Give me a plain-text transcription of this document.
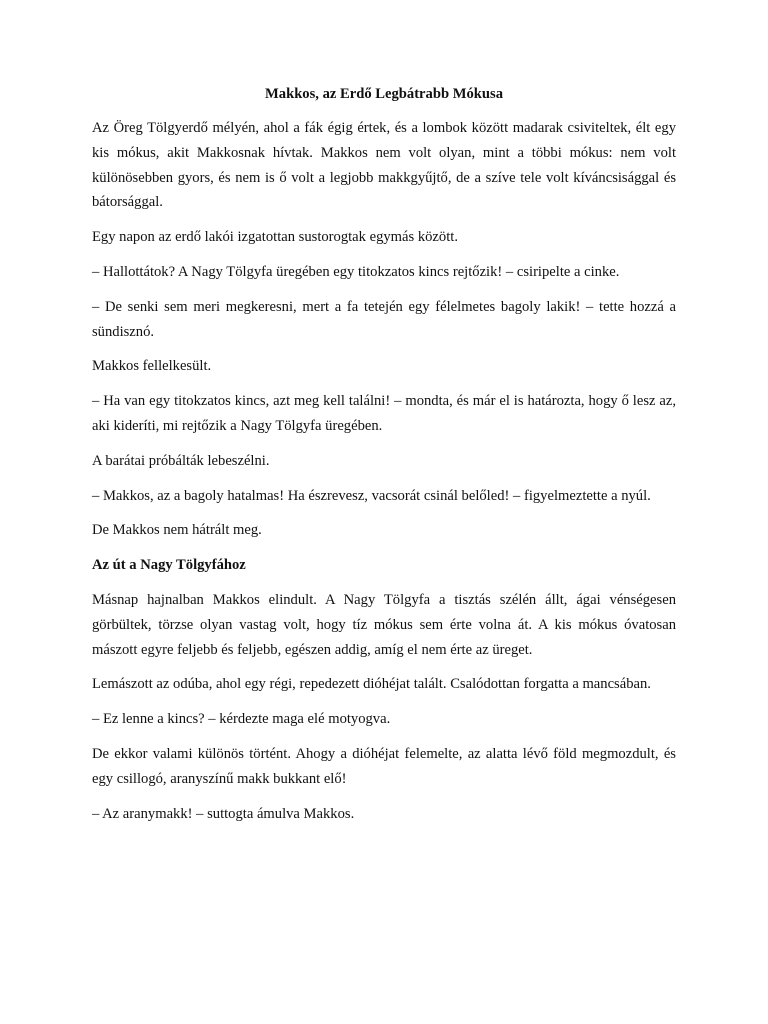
Makkos, az Erdő Legbátrabb Mókusa

Az Öreg Tölgyerdő mélyén, ahol a fák égig értek, és a lombok között madarak csiviteltek, élt egy kis mókus, akit Makkosnak hívtak. Makkos nem volt olyan, mint a többi mókus: nem volt különösebben gyors, és nem is ő volt a legjobb makkgyűjtő, de a szíve tele volt kíváncsisággal és bátorsággal.

Egy napon az erdő lakói izgatottan sustorogtak egymás között.

– Hallottátok? A Nagy Tölgyfa üregében egy titokzatos kincs rejtőzik! – csiripelte a cinke.

– De senki sem meri megkeresni, mert a fa tetején egy félelmetes bagoly lakik! – tette hozzá a sündisznó.

Makkos fellelkesült.

– Ha van egy titokzatos kincs, azt meg kell találni! – mondta, és már el is határozta, hogy ő lesz az, aki kideríti, mi rejtőzik a Nagy Tölgyfa üregében.

A barátai próbálták lebeszélni.

– Makkos, az a bagoly hatalmas! Ha észrevesz, vacsorát csinál belőled! – figyelmeztette a nyúl.

De Makkos nem hátrált meg.

Az út a Nagy Tölgyfához

Másnap hajnalban Makkos elindult. A Nagy Tölgyfa a tisztás szélén állt, ágai vénségesen görbültek, törzse olyan vastag volt, hogy tíz mókus sem érte volna át. A kis mókus óvatosan mászott egyre feljebb és feljebb, egészen addig, amíg el nem érte az üreget.

Lemászott az odúba, ahol egy régi, repedezett dióhéjat talált. Csalódottan forgatta a mancsában.

– Ez lenne a kincs? – kérdezte maga elé motyogva.

De ekkor valami különös történt. Ahogy a dióhéjat felemelte, az alatta lévő föld megmozdult, és egy csillogó, aranyszínű makk bukkant elő!

– Az aranymakk! – suttogta ámulva Makkos.
